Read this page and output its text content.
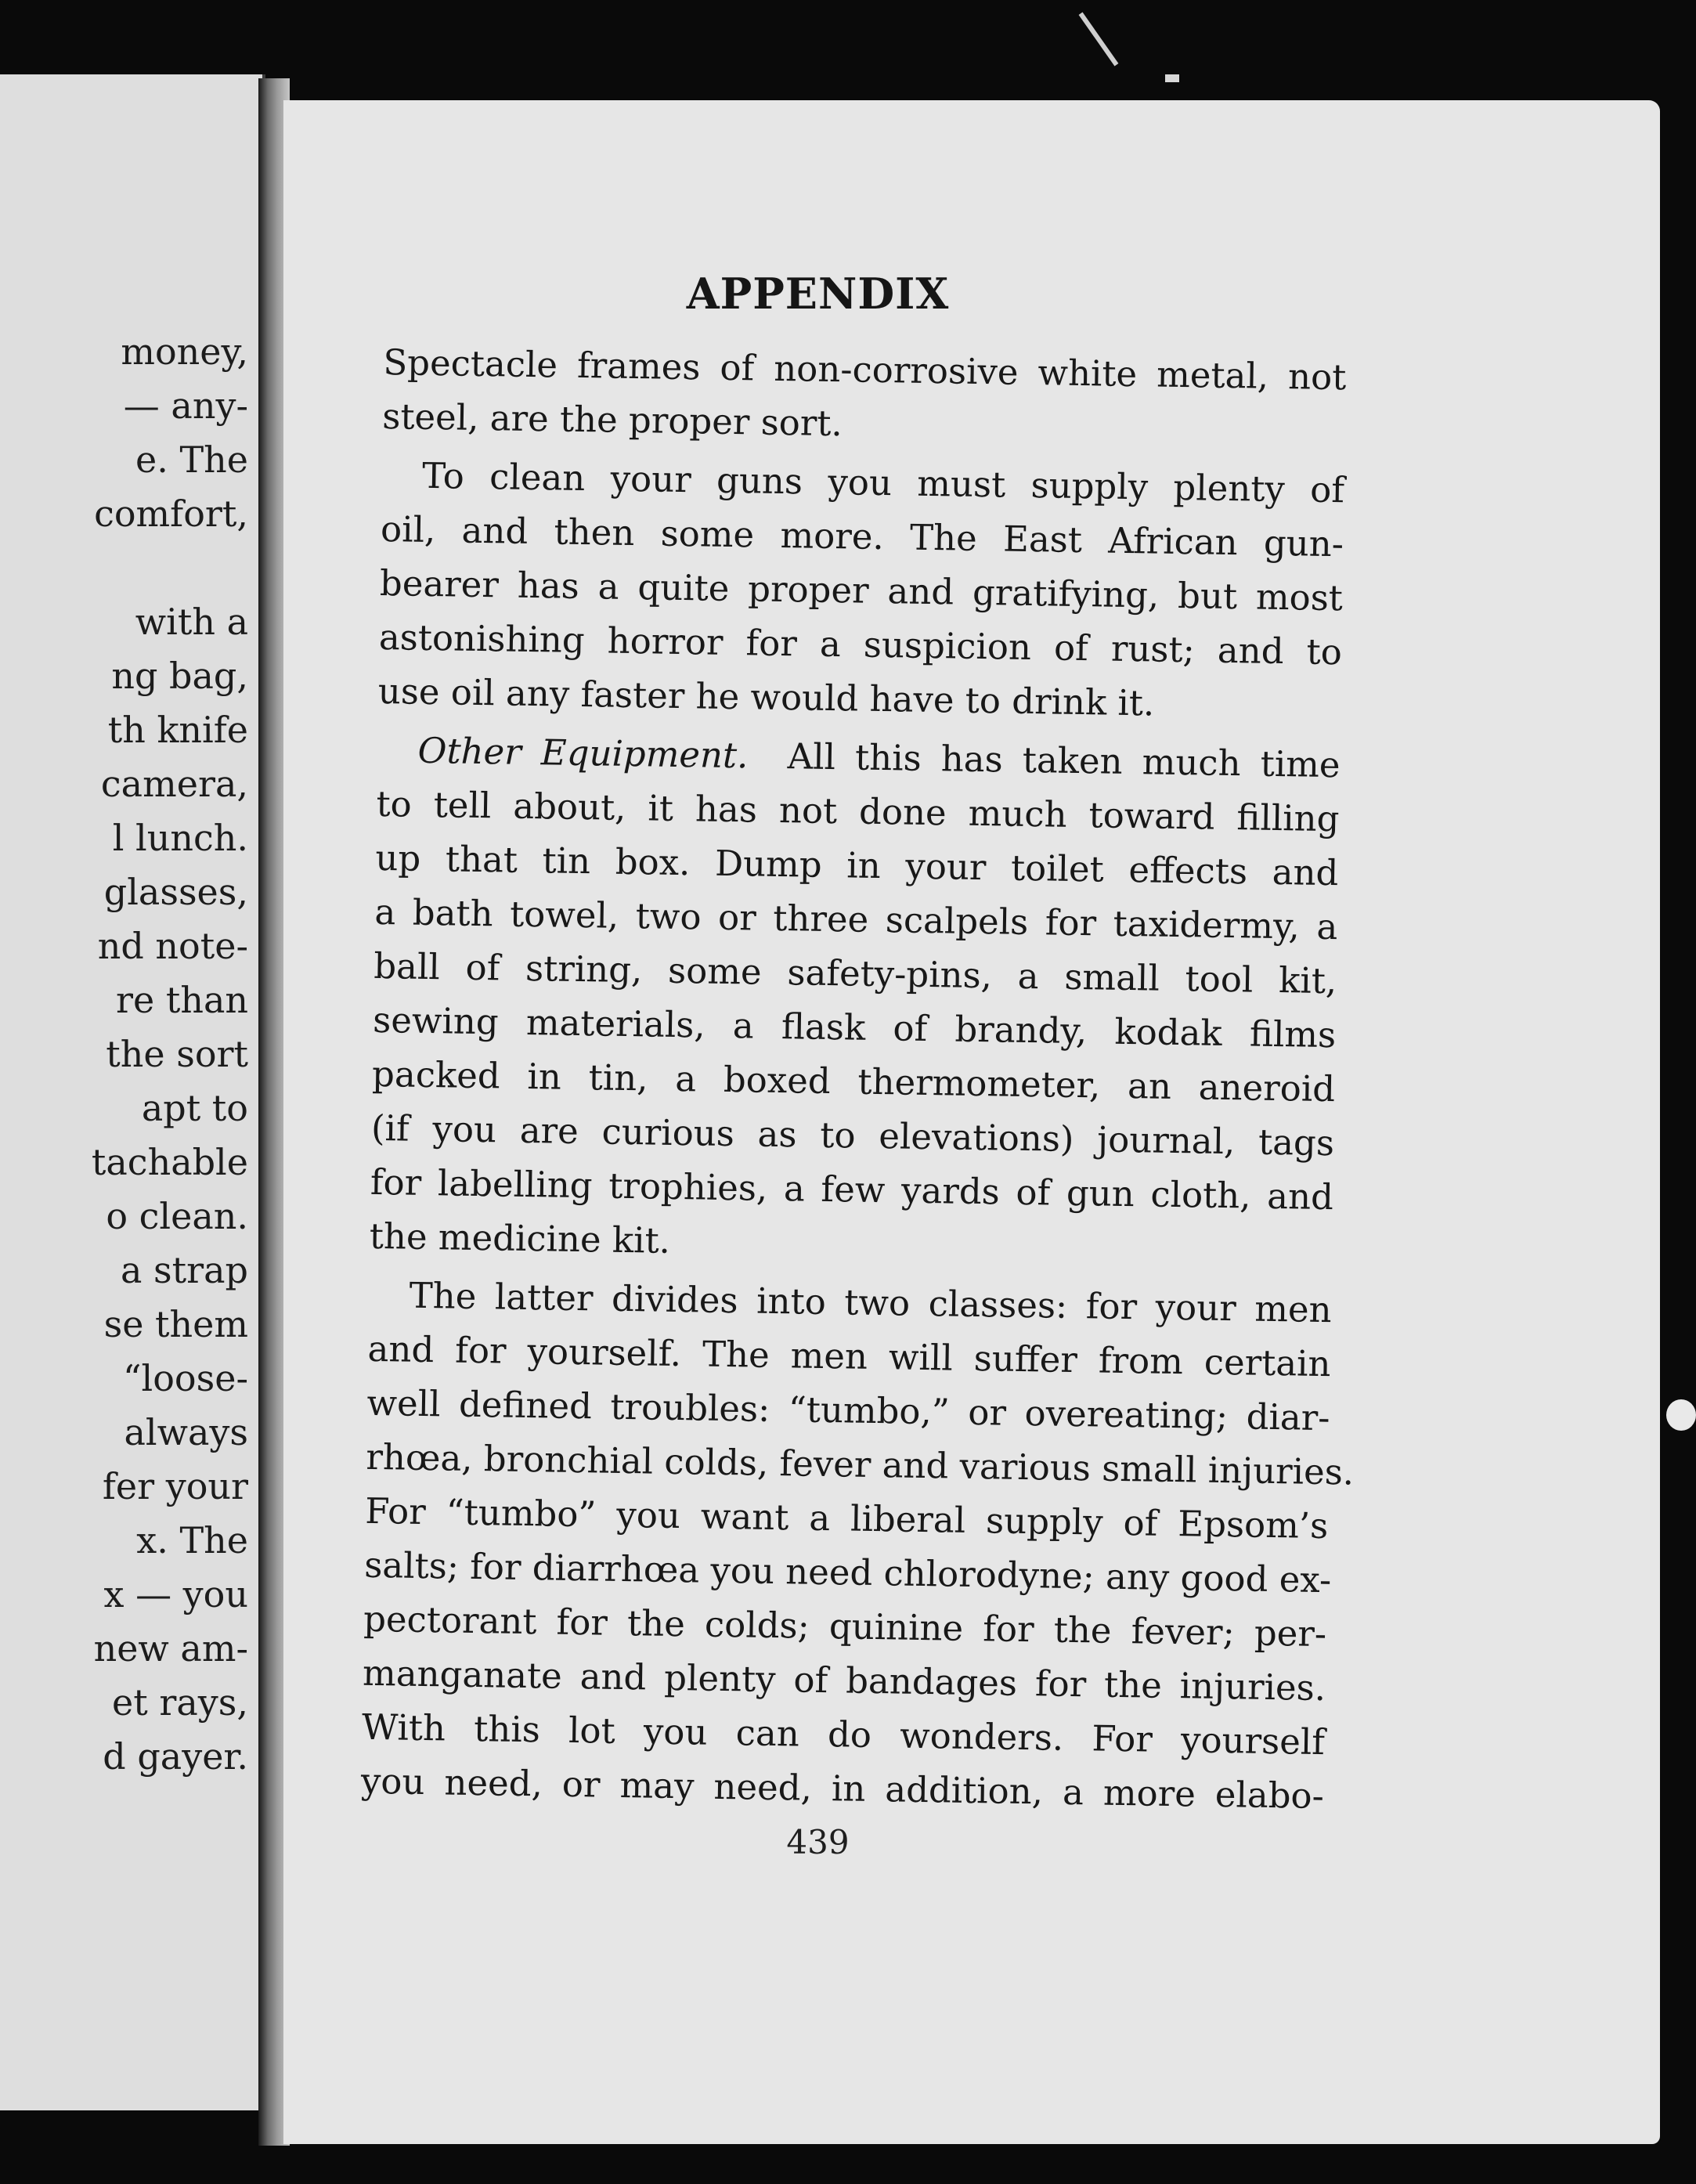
money,
— any-
e. The
comfort,

with a
ng bag,
th knife
camera,
l lunch.
glasses,
nd note-
re than
the sort
apt to
tachable
o clean.
a strap
se them
“loose-
always
fer your
x. The
x — you
new am-
et rays,
d gayer.
APPENDIX
Spectacle frames of non-corrosive white metal, not
steel, are the proper sort.
To clean your guns you must supply plenty of
oil, and then some more. The East African gun-
bearer has a quite proper and gratifying, but most
astonishing horror for a suspicion of rust; and to
use oil any faster he would have to drink it.
Other Equipment. All this has taken much time
to tell about, it has not done much toward filling
up that tin box. Dump in your toilet effects and
a bath towel, two or three scalpels for taxidermy, a
ball of string, some safety-pins, a small tool kit,
sewing materials, a flask of brandy, kodak films
packed in tin, a boxed thermometer, an aneroid
(if you are curious as to elevations) journal, tags
for labelling trophies, a few yards of gun cloth, and
the medicine kit.
The latter divides into two classes: for your men
and for yourself. The men will suffer from certain
well defined troubles: “tumbo,” or overeating; diar-
rhœa, bronchial colds, fever and various small injuries.
For “tumbo” you want a liberal supply of Epsom’s
salts; for diarrhœa you need chlorodyne; any good ex-
pectorant for the colds; quinine for the fever; per-
manganate and plenty of bandages for the injuries.
With this lot you can do wonders. For yourself
you need, or may need, in addition, a more elabo-
439
